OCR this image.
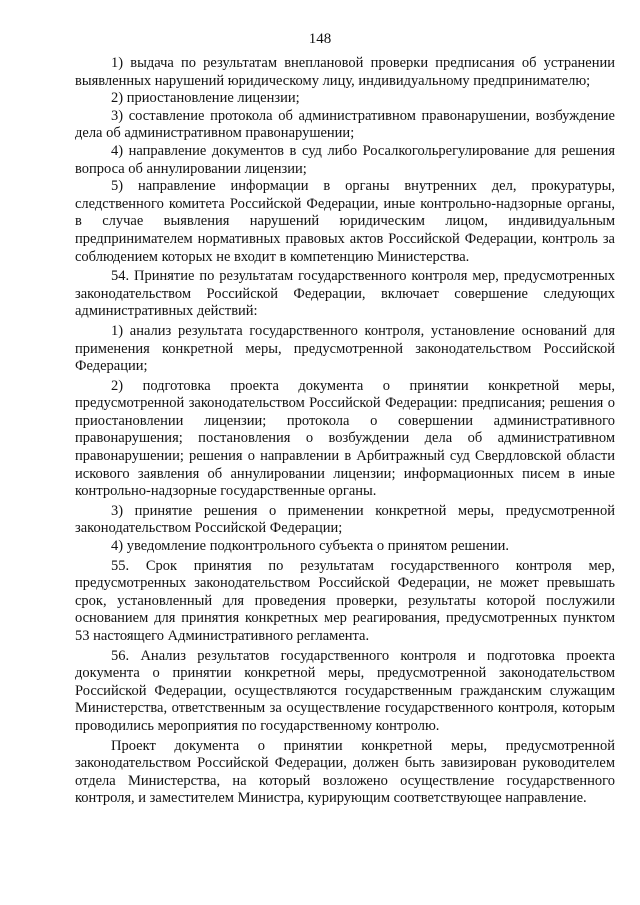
148

1) выдача по результатам внеплановой проверки предписания об устранении выявленных нарушений юридическому лицу, индивидуальному предпринимателю;

2) приостановление лицензии;

3) составление протокола об административном правонарушении, возбуждение дела об административном правонарушении;

4) направление документов в суд либо Росалкогольрегулирование для решения вопроса об аннулировании лицензии;

5) направление информации в органы внутренних дел, прокуратуры, следственного комитета Российской Федерации, иные контрольно-надзорные органы, в случае выявления нарушений юридическим лицом, индивидуальным предпринимателем нормативных правовых актов Российской Федерации, контроль за соблюдением которых не входит в компетенцию Министерства.

54. Принятие по результатам государственного контроля мер, предусмотренных законодательством Российской Федерации, включает совершение следующих административных действий:

1) анализ результата государственного контроля, установление оснований для применения конкретной меры, предусмотренной законодательством Российской Федерации;

2) подготовка проекта документа о принятии конкретной меры, предусмотренной законодательством Российской Федерации: предписания; решения о приостановлении лицензии; протокола о совершении административного правонарушения; постановления о возбуждении дела об административном правонарушении; решения о направлении в Арбитражный суд Свердловской области искового заявления об аннулировании лицензии; информационных писем в иные контрольно-надзорные государственные органы.

3) принятие решения о применении конкретной меры, предусмотренной законодательством Российской Федерации;

4) уведомление подконтрольного субъекта о принятом решении.

55. Срок принятия по результатам государственного контроля мер, предусмотренных законодательством Российской Федерации, не может превышать срок, установленный для проведения проверки, результаты которой послужили основанием для принятия конкретных мер реагирования, предусмотренных пунктом 53 настоящего Административного регламента.

56. Анализ результатов государственного контроля и подготовка проекта документа о принятии конкретной меры, предусмотренной законодательством Российской Федерации, осуществляются государственным гражданским служащим Министерства, ответственным за осуществление государственного контроля, которым проводились мероприятия по государственному контролю.

Проект документа о принятии конкретной меры, предусмотренной законодательством Российской Федерации, должен быть завизирован руководителем отдела Министерства, на который возложено осуществление государственного контроля, и заместителем Министра, курирующим соответствующее направление.
